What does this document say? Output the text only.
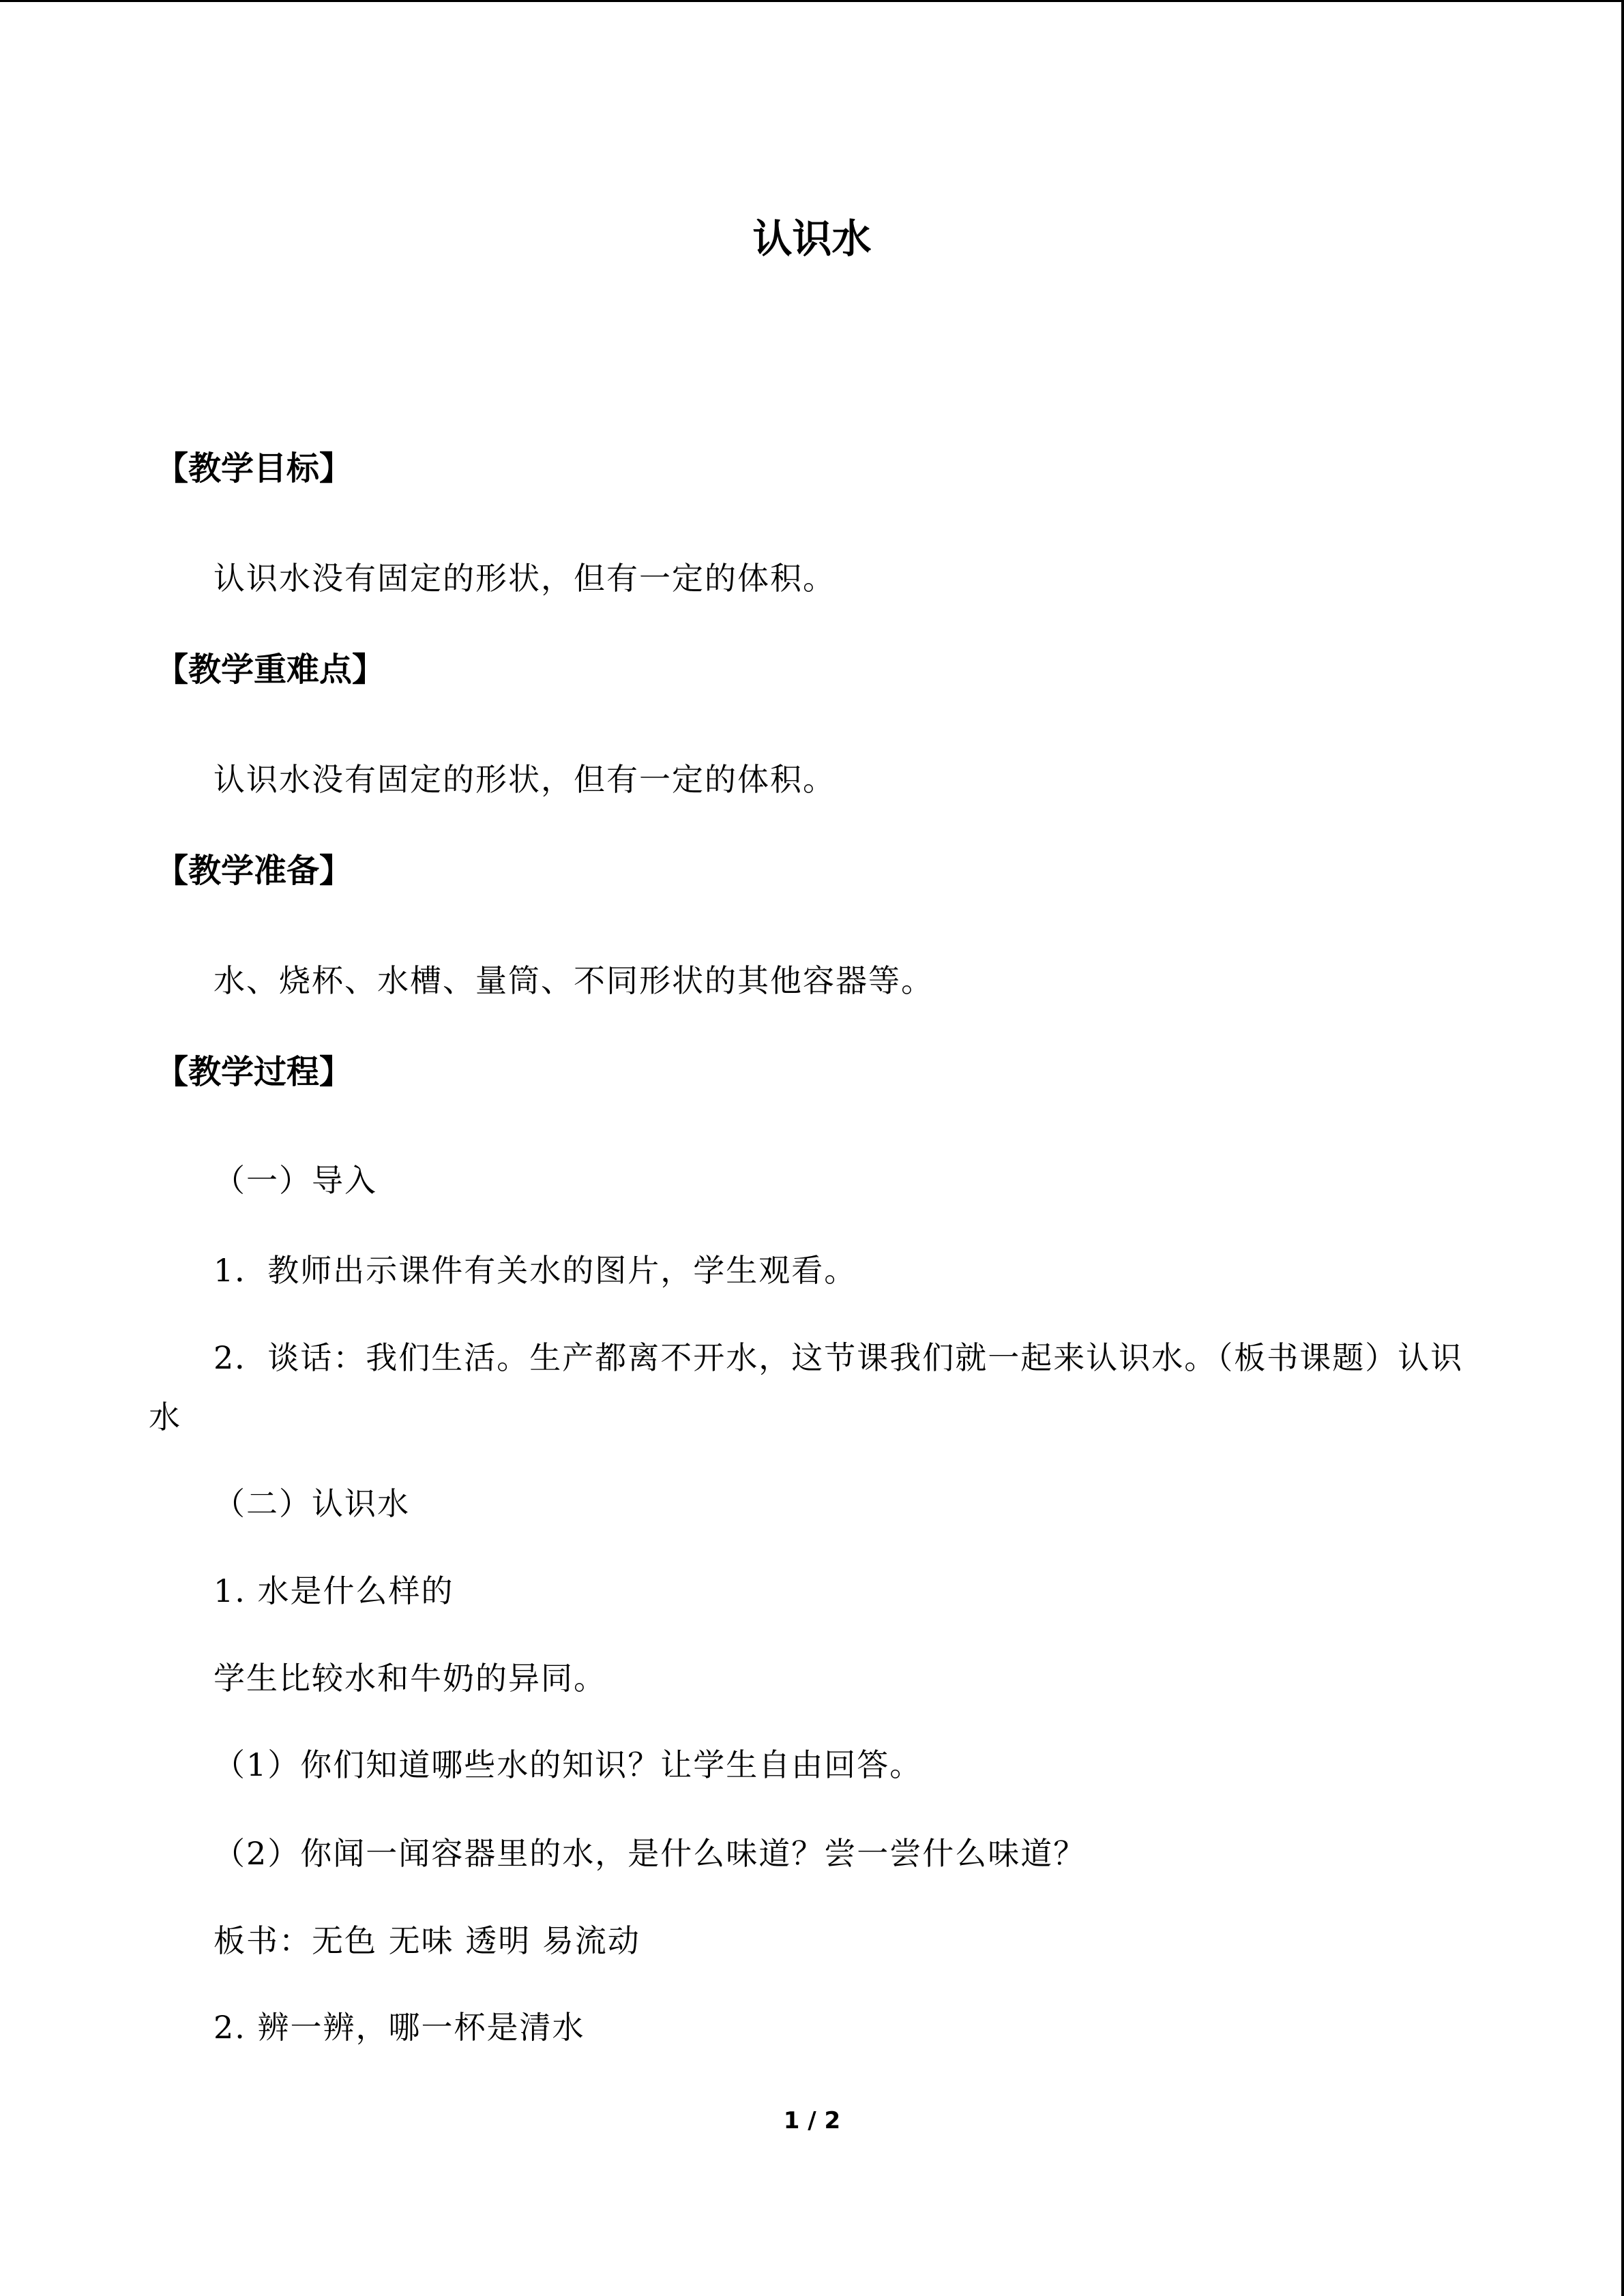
认识水
【教学目标】
认识水没有固定的形状，但有一定的体积。
【教学重难点】
认识水没有固定的形状，但有一定的体积。
【教学准备】
水、烧杯、水槽、量筒、不同形状的其他容器等。
【教学过程】
（一）导入
1．教师出示课件有关水的图片，学生观看。
2．谈话：我们生活。生产都离不开水，这节课我们就一起来认识水。（板书课题）认识
水
（二）认识水
1. 水是什么样的
学生比较水和牛奶的异同。
（1）你们知道哪些水的知识？让学生自由回答。
（2）你闻一闻容器里的水，是什么味道？尝一尝什么味道？
板书：无色 无味 透明 易流动
2. 辨一辨，哪一杯是清水
1 / 2
